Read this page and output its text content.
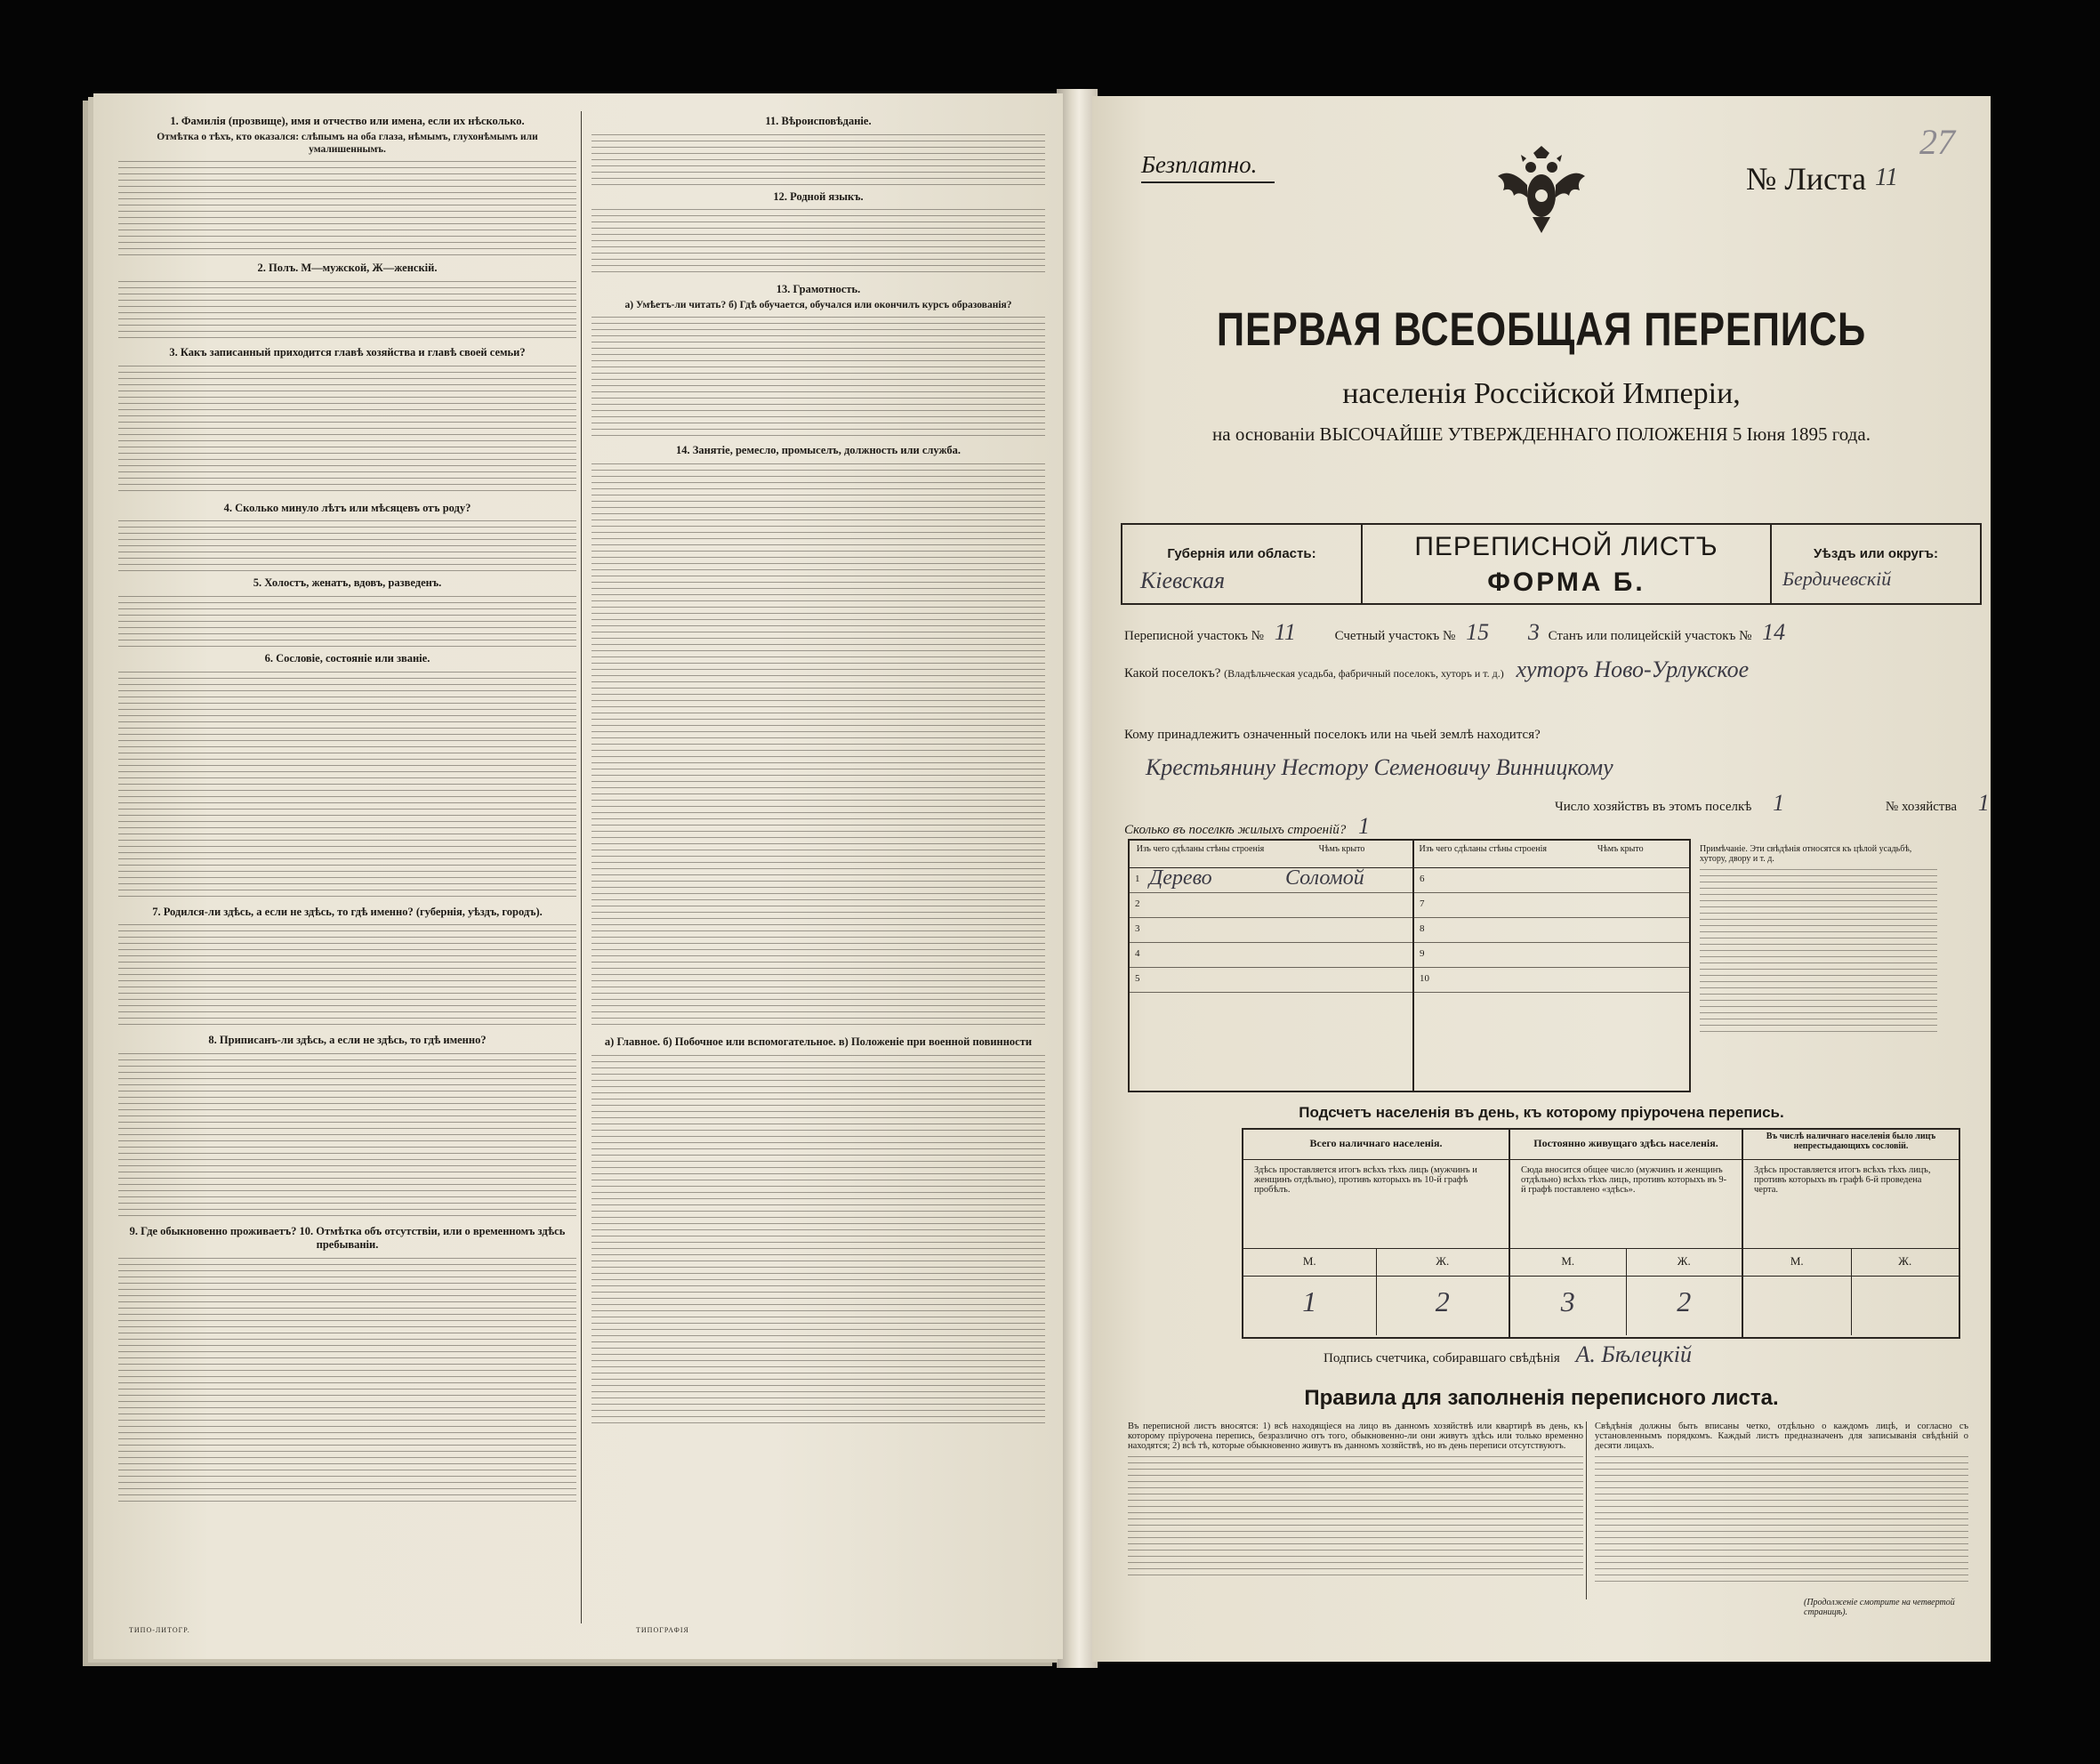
1. Фамилія (прозвище), имя и отчество или имена, если их нѣсколько.
Отмѣтка о тѣхъ, кто оказался: слѣпымъ на оба глаза, нѣмымъ, глухонѣмымъ или умалишеннымъ.
2. Полъ. М—мужской, Ж—женскій.
3. Какъ записанный приходится главѣ хозяйства и главѣ своей семьи?
4. Сколько минуло лѣтъ или мѣсяцевъ отъ роду?
5. Холостъ, женатъ, вдовъ, разведенъ.
6. Сословіе, состояніе или званіе.
7. Родился-ли здѣсь, а если не здѣсь, то гдѣ именно? (губернія, уѣздъ, городъ).
8. Приписанъ-ли здѣсь, а если не здѣсь, то гдѣ именно?
9. Где обыкновенно проживаетъ? 10. Отмѣтка объ отсутствіи, или о временномъ здѣсь пребываніи.
11. Вѣроисповѣданіе.
12. Родной языкъ.
13. Грамотность.
а) Умѣетъ-ли читать? б) Гдѣ обучается, обучался или окончилъ курсъ образованія?
14. Занятіе, ремесло, промыселъ, должность или служба.
а) Главное. б) Побочное или вспомогательное. в) Положеніе при военной повинности
ТИПО-ЛИТОГР.	ТИПОГРАФІЯ
27
Безплатно.	№ Листа 11
ПЕРВАЯ ВСЕОБЩАЯ ПЕРЕПИСЬ
населенія Россійской Имперіи,
на основаніи ВЫСОЧАЙШЕ УТВЕРЖДЕННАГО ПОЛОЖЕНІЯ 5 Іюня 1895 года.
Губернія или область:
Кіевская
ПЕРЕПИСНОЙ ЛИСТЪ
ФОРМА Б.
Уѣздъ или округъ:
Бердичевскій
Переписной участокъ № 11	Счетный участокъ № 15 3 Станъ или полицейскій участокъ № 14
Какой поселокъ? (Владѣльческая усадьба, фабричный поселокъ, хуторъ и т. д.) хуторъ Ново-Урлукское
Кому принадлежитъ означенный поселокъ или на чьей землѣ находится?
Крестьянину Нестору Семеновичу Винницкому
Число хозяйствъ въ этомъ поселкѣ 1	№ хозяйства 1
Сколько въ поселкѣ жилыхъ строеній? 1
Изъ чего сдѣланы стѣны строенія	Чѣмъ крыто
1 Дерево	Соломой
2
3
4
5
Изъ чего сдѣланы стѣны строенія	Чѣмъ крыто
6
7
8
9
10
Примѣчаніе. Эти свѣдѣнія относятся къ цѣлой усадьбѣ, хутору, двору и т. д.
Подсчетъ населенія въ день, къ которому пріурочена перепись.
Всего наличнаго населенія.
Здѣсь проставляется итогъ всѣхъ тѣхъ лицъ (мужчинъ и женщинъ отдѣльно), противъ которыхъ въ 10-й графѣ пробѣлъ.
М.	Ж.
1	2
Постоянно живущаго здѣсь населенія.
Сюда вносится общее число (мужчинъ и женщинъ отдѣльно) всѣхъ тѣхъ лицъ, противъ которыхъ въ 9-й графѣ поставлено «здѣсь».
М.	Ж.
3	2
Въ числѣ наличнаго населенія было лицъ непрестыдающихъ сословій.
Здѣсь проставляется итогъ всѣхъ тѣхъ лицъ, противъ которыхъ въ графѣ 6-й проведена черта.
М.	Ж.
Подпись счетчика, собиравшаго свѣдѣнія А. Бѣлецкій
Правила для заполненія переписного листа.
Въ переписной листъ вносятся: 1) всѣ находящіеся на лицо въ данномъ хозяйствѣ или квартирѣ въ день, къ которому пріурочена перепись, безразлично отъ того, обыкновенно-ли они живутъ здѣсь или только временно находятся; 2) всѣ тѣ, которые обыкновенно живутъ въ данномъ хозяйствѣ, но въ день переписи отсутствуютъ.
Свѣдѣнія должны быть вписаны четко, отдѣльно о каждомъ лицѣ, и согласно съ установленнымъ порядкомъ. Каждый листъ предназначенъ для записыванія свѣдѣній о десяти лицахъ.
(Продолженіе смотрите на четвертой страницѣ).
